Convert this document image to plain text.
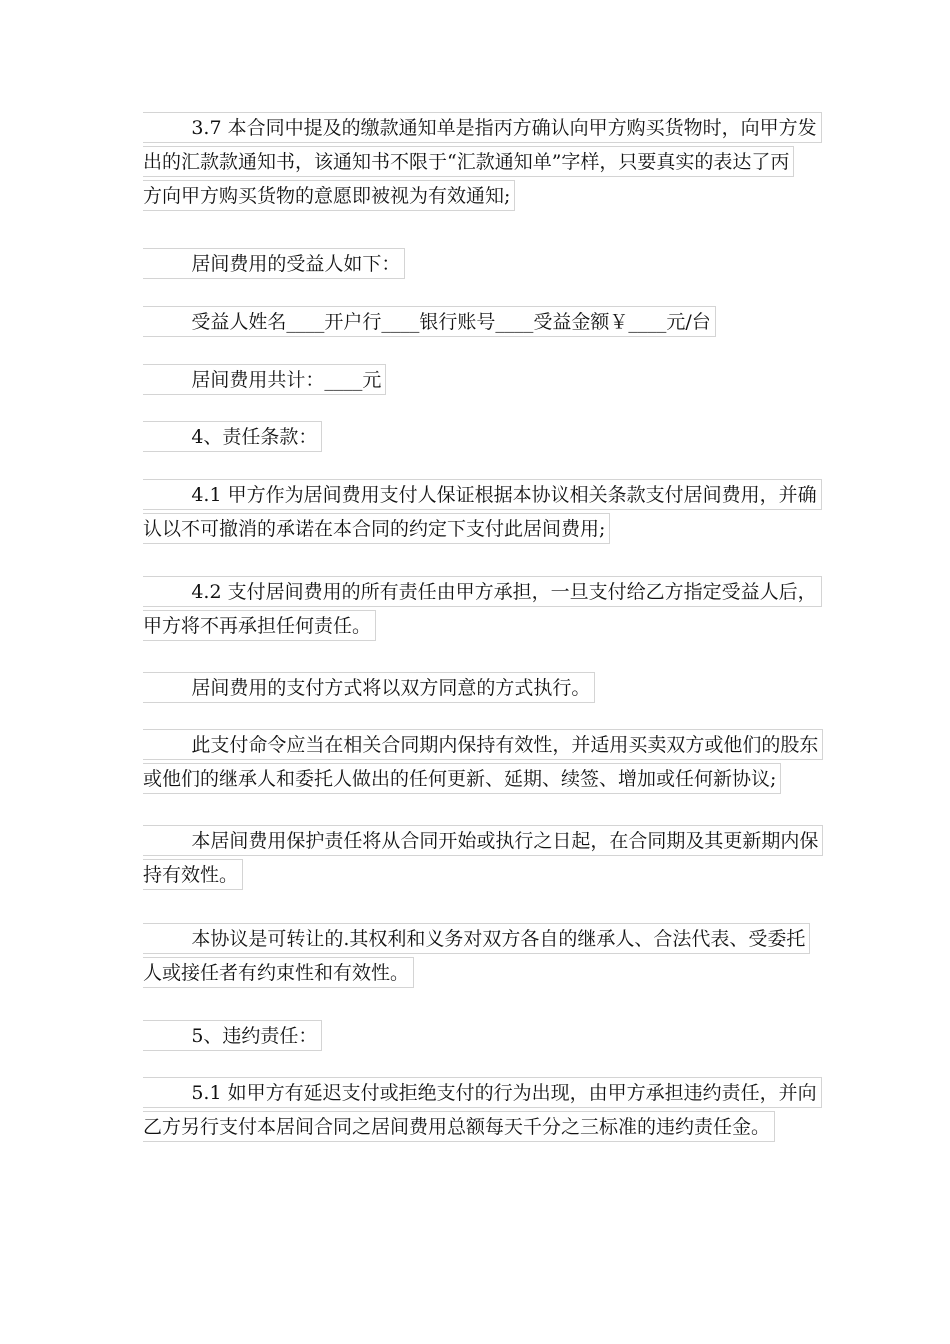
3.7 本合同中提及的缴款通知单是指丙方确认向甲方购买货物时，向甲方发
出的汇款款通知书，该通知书不限于“汇款通知单”字样，只要真实的表达了丙
方向甲方购买货物的意愿即被视为有效通知;
居间费用的受益人如下：
受益人姓名____开户行____银行账号____受益金额￥____元/台
居间费用共计：____元
4、责任条款：
4.1 甲方作为居间费用支付人保证根据本协议相关条款支付居间费用，并确
认以不可撤消的承诺在本合同的约定下支付此居间费用;
4.2 支付居间费用的所有责任由甲方承担，一旦支付给乙方指定受益人后，
甲方将不再承担任何责任。
居间费用的支付方式将以双方同意的方式执行。
此支付命令应当在相关合同期内保持有效性，并适用买卖双方或他们的股东
或他们的继承人和委托人做出的任何更新、延期、续签、增加或任何新协议;
本居间费用保护责任将从合同开始或执行之日起，在合同期及其更新期内保
持有效性。
本协议是可转让的.其权利和义务对双方各自的继承人、合法代表、受委托
人或接任者有约束性和有效性。
5、违约责任：
5.1 如甲方有延迟支付或拒绝支付的行为出现，由甲方承担违约责任，并向
乙方另行支付本居间合同之居间费用总额每天千分之三标准的违约责任金。
